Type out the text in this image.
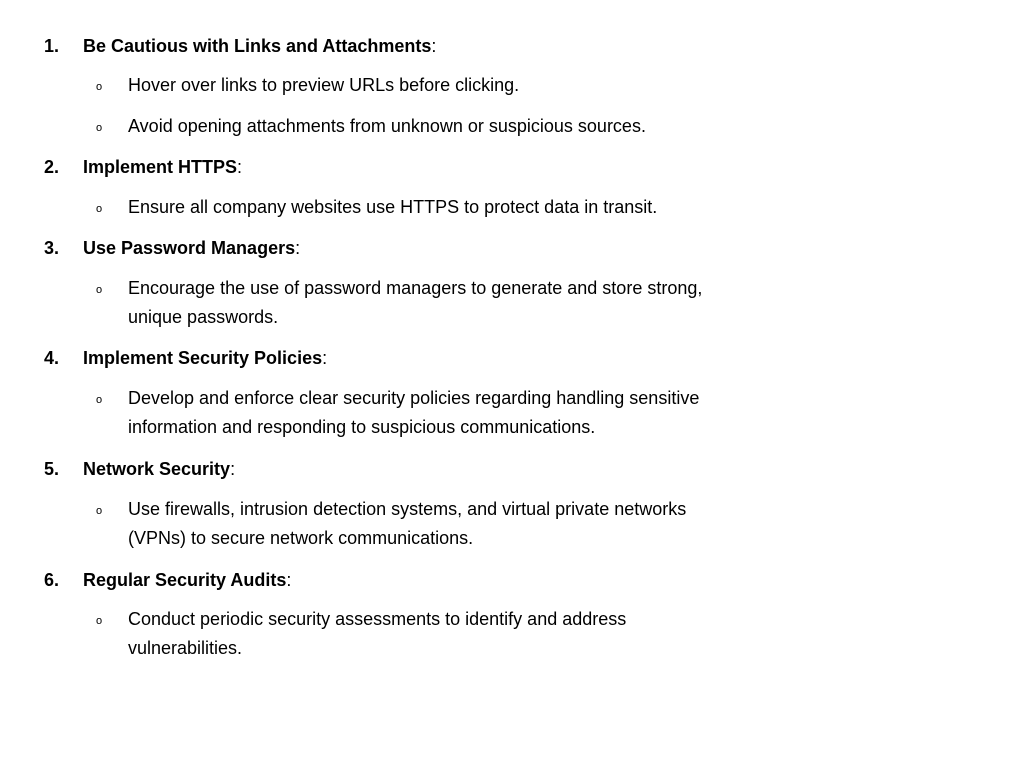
1. Be Cautious with Links and Attachments:
o Hover over links to preview URLs before clicking.
o Avoid opening attachments from unknown or suspicious sources.
2. Implement HTTPS:
o Ensure all company websites use HTTPS to protect data in transit.
3. Use Password Managers:
o Encourage the use of password managers to generate and store strong, unique passwords.
4. Implement Security Policies:
o Develop and enforce clear security policies regarding handling sensitive information and responding to suspicious communications.
5. Network Security:
o Use firewalls, intrusion detection systems, and virtual private networks (VPNs) to secure network communications.
6. Regular Security Audits:
o Conduct periodic security assessments to identify and address vulnerabilities.
